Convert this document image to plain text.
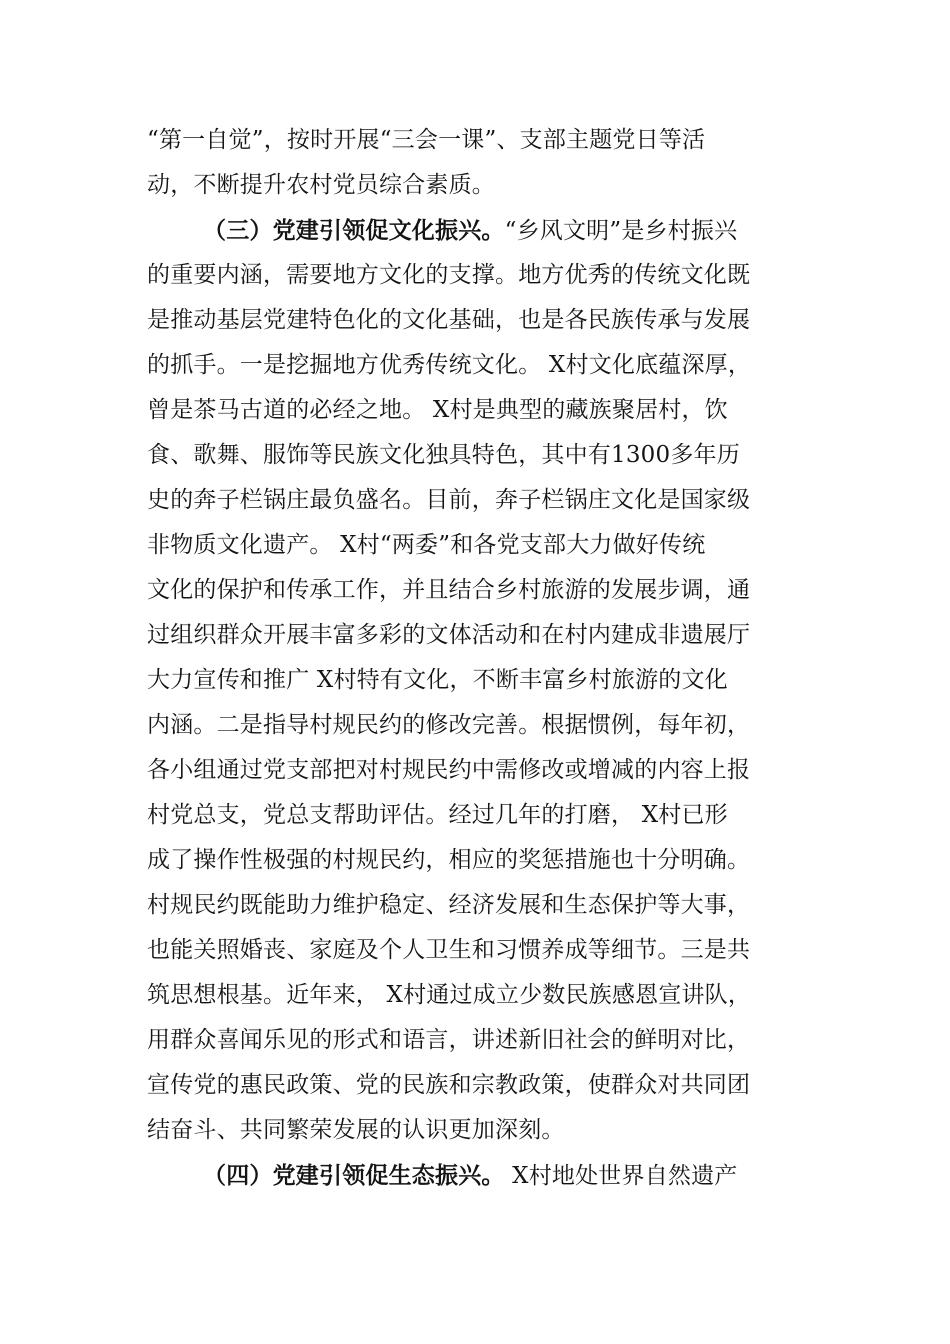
“第一自觉”，按时开展“三会一课”、支部主题党日等活
动，不断提升农村党员综合素质。
（三）党建引领促文化振兴。“乡风文明”是乡村振兴
的重要内涵，需要地方文化的支撑。地方优秀的传统文化既
是推动基层党建特色化的文化基础，也是各民族传承与发展
的抓手。一是挖掘地方优秀传统文化。 X村文化底蕴深厚，
曾是茶马古道的必经之地。 X村是典型的藏族聚居村，饮
食、歌舞、服饰等民族文化独具特色，其中有1300多年历
史的奔子栏锅庄最负盛名。目前，奔子栏锅庄文化是国家级
非物质文化遗产。 X村“两委”和各党支部大力做好传统
文化的保护和传承工作，并且结合乡村旅游的发展步调，通
过组织群众开展丰富多彩的文体活动和在村内建成非遗展厅
大力宣传和推广 X村特有文化，不断丰富乡村旅游的文化
内涵。二是指导村规民约的修改完善。根据惯例，每年初，
各小组通过党支部把对村规民约中需修改或增减的内容上报
村党总支，党总支帮助评估。经过几年的打磨， X村已形
成了操作性极强的村规民约，相应的奖惩措施也十分明确。
村规民约既能助力维护稳定、经济发展和生态保护等大事，
也能关照婚丧、家庭及个人卫生和习惯养成等细节。三是共
筑思想根基。近年来， X村通过成立少数民族感恩宣讲队，
用群众喜闻乐见的形式和语言，讲述新旧社会的鲜明对比，
宣传党的惠民政策、党的民族和宗教政策，使群众对共同团
结奋斗、共同繁荣发展的认识更加深刻。
（四）党建引领促生态振兴。 X村地处世界自然遗产
